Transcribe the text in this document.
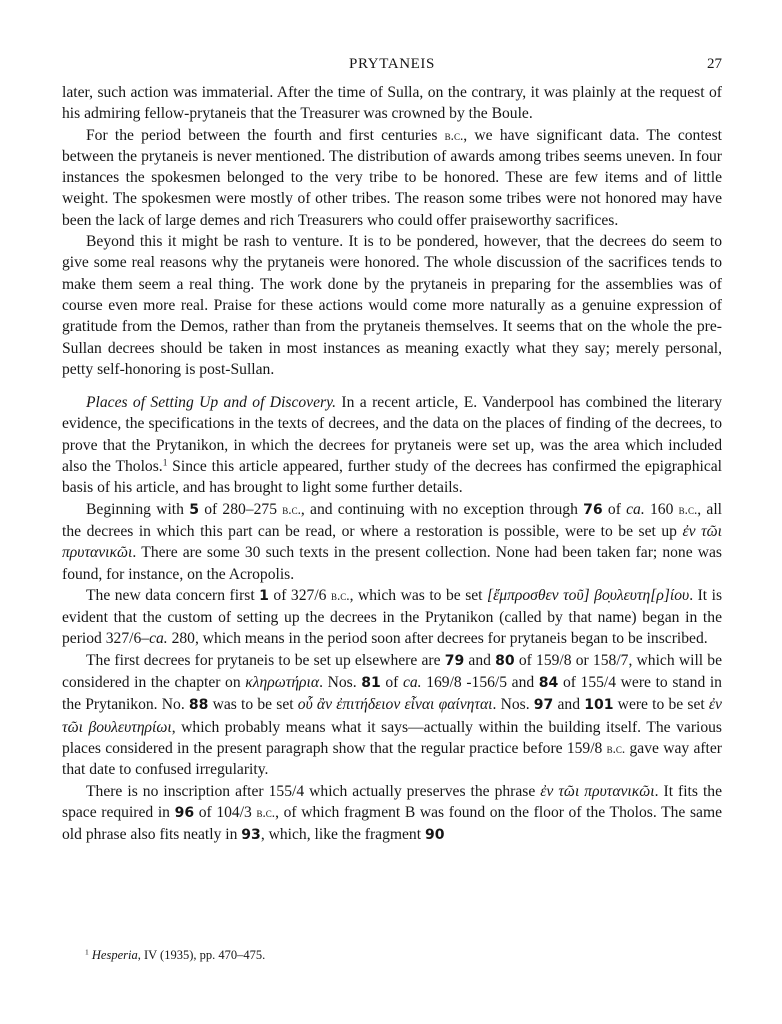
PRYTANEIS	27

later, such action was immaterial. After the time of Sulla, on the contrary, it was plainly at the request of his admiring fellow-prytaneis that the Treasurer was crowned by the Boule.

For the period between the fourth and first centuries b.c., we have significant data. The contest between the prytaneis is never mentioned. The distribution of awards among tribes seems uneven. In four instances the spokesmen belonged to the very tribe to be honored. These are few items and of little weight. The spokesmen were mostly of other tribes. The reason some tribes were not honored may have been the lack of large demes and rich Treasurers who could offer praiseworthy sacrifices.

Beyond this it might be rash to venture. It is to be pondered, however, that the decrees do seem to give some real reasons why the prytaneis were honored. The whole discussion of the sacrifices tends to make them seem a real thing. The work done by the prytaneis in preparing for the assemblies was of course even more real. Praise for these actions would come more naturally as a genuine expression of gratitude from the Demos, rather than from the prytaneis themselves. It seems that on the whole the pre-Sullan decrees should be taken in most instances as meaning exactly what they say; merely personal, petty self-honoring is post-Sullan.

Places of Setting Up and of Discovery. In a recent article, E. Vanderpool has combined the literary evidence, the specifications in the texts of decrees, and the data on the places of finding of the decrees, to prove that the Prytanikon, in which the decrees for prytaneis were set up, was the area which included also the Tholos.$^1$ Since this article appeared, further study of the decrees has confirmed the epigraphical basis of his article, and has brought to light some further details.

Beginning with 5 of 280–275 b.c., and continuing with no exception through 76 of ca. 160 b.c., all the decrees in which this part can be read, or where a restoration is possible, were to be set up ἐν τῶι πρυτανικῶι. There are some 30 such texts in the present collection. None had been taken far; none was found, for instance, on the Acropolis.

The new data concern first 1 of 327/6 b.c., which was to be set [ἔμπροσθεν τοῦ] βο̣υλευτη[ρ]ίου. It is evident that the custom of setting up the decrees in the Prytanikon (called by that name) began in the period 327/6–ca. 280, which means in the period soon after decrees for prytaneis began to be inscribed.

The first decrees for prytaneis to be set up elsewhere are 79 and 80 of 159/8 or 158/7, which will be considered in the chapter on κληρωτήρια. Nos. 81 of ca. 169/8 -156/5 and 84 of 155/4 were to stand in the Prytanikon. No. 88 was to be set οὗ ἂν ἐπιτήδειον εἶναι φαίνηται. Nos. 97 and 101 were to be set ἐν τῶι βουλευτηρίωι, which probably means what it says—actually within the building itself. The various places considered in the present paragraph show that the regular practice before 159/8 b.c. gave way after that date to confused irregularity.

There is no inscription after 155/4 which actually preserves the phrase ἐν τῶι πρυτανικῶι. It fits the space required in 96 of 104/3 b.c., of which fragment B was found on the floor of the Tholos. The same old phrase also fits neatly in 93, which, like the fragment 90

$^1$ Hesperia, IV (1935), pp. 470–475.
